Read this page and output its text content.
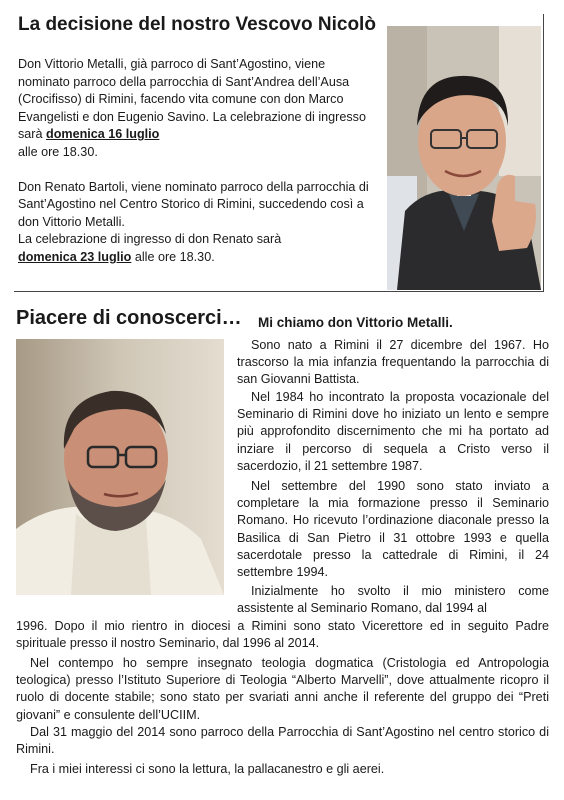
La decisione del nostro Vescovo Nicolò

Don Vittorio Metalli, già parroco di Sant’Agostino, viene nominato parroco della parrocchia di Sant’Andrea dell’Ausa (Crocifisso) di Rimini, facendo vita comune con don Marco Evangelisti e don Eugenio Savino. La celebrazione di ingresso sarà domenica 16 luglio
alle ore 18.30.

Don Renato Bartoli, viene nominato parroco della parrocchia di Sant’Agostino nel Centro Storico di Rimini, succedendo così a don Vittorio Metalli.
La celebrazione di ingresso di don Renato sarà
domenica 23 luglio alle ore 18.30.

Piacere di conoscerci… Mi chiamo don Vittorio Metalli.

Sono nato a Rimini il 27 dicembre del 1967. Ho trascorso la mia infanzia frequentando la parrocchia di san Giovanni Battista.

Nel 1984 ho incontrato la proposta vocazionale del Seminario di Rimini dove ho iniziato un lento e sempre più approfondito discernimento che mi ha portato ad inziare il percorso di sequela a Cristo verso il sacerdozio, il 21 settembre 1987.

Nel settembre del 1990 sono stato inviato a completare la mia formazione presso il Seminario Romano. Ho ricevuto l’ordinazione diaconale presso la Basilica di San Pietro il 31 ottobre 1993 e quella sacerdotale presso la cattedrale di Rimini, il 24 settembre 1994.

Inizialmente ho svolto il mio ministero come assistente al Seminario Romano, dal 1994 al

1996. Dopo il mio rientro in diocesi a Rimini sono stato Vicerettore ed in seguito Padre spirituale presso il nostro Seminario, dal 1996 al 2014.

Nel contempo ho sempre insegnato teologia dogmatica (Cristologia ed Antropologia teologica) presso l’Istituto Superiore di Teologia “Alberto Marvelli”, dove attualmente ricopro il ruolo di docente stabile; sono stato per svariati anni anche il referente del gruppo dei “Preti giovani” e consulente dell’UCIIM.

Dal 31 maggio del 2014 sono parroco della Parrocchia di Sant’Agostino nel centro storico di Rimini.

Fra i miei interessi ci sono la lettura, la pallacanestro e gli aerei.
